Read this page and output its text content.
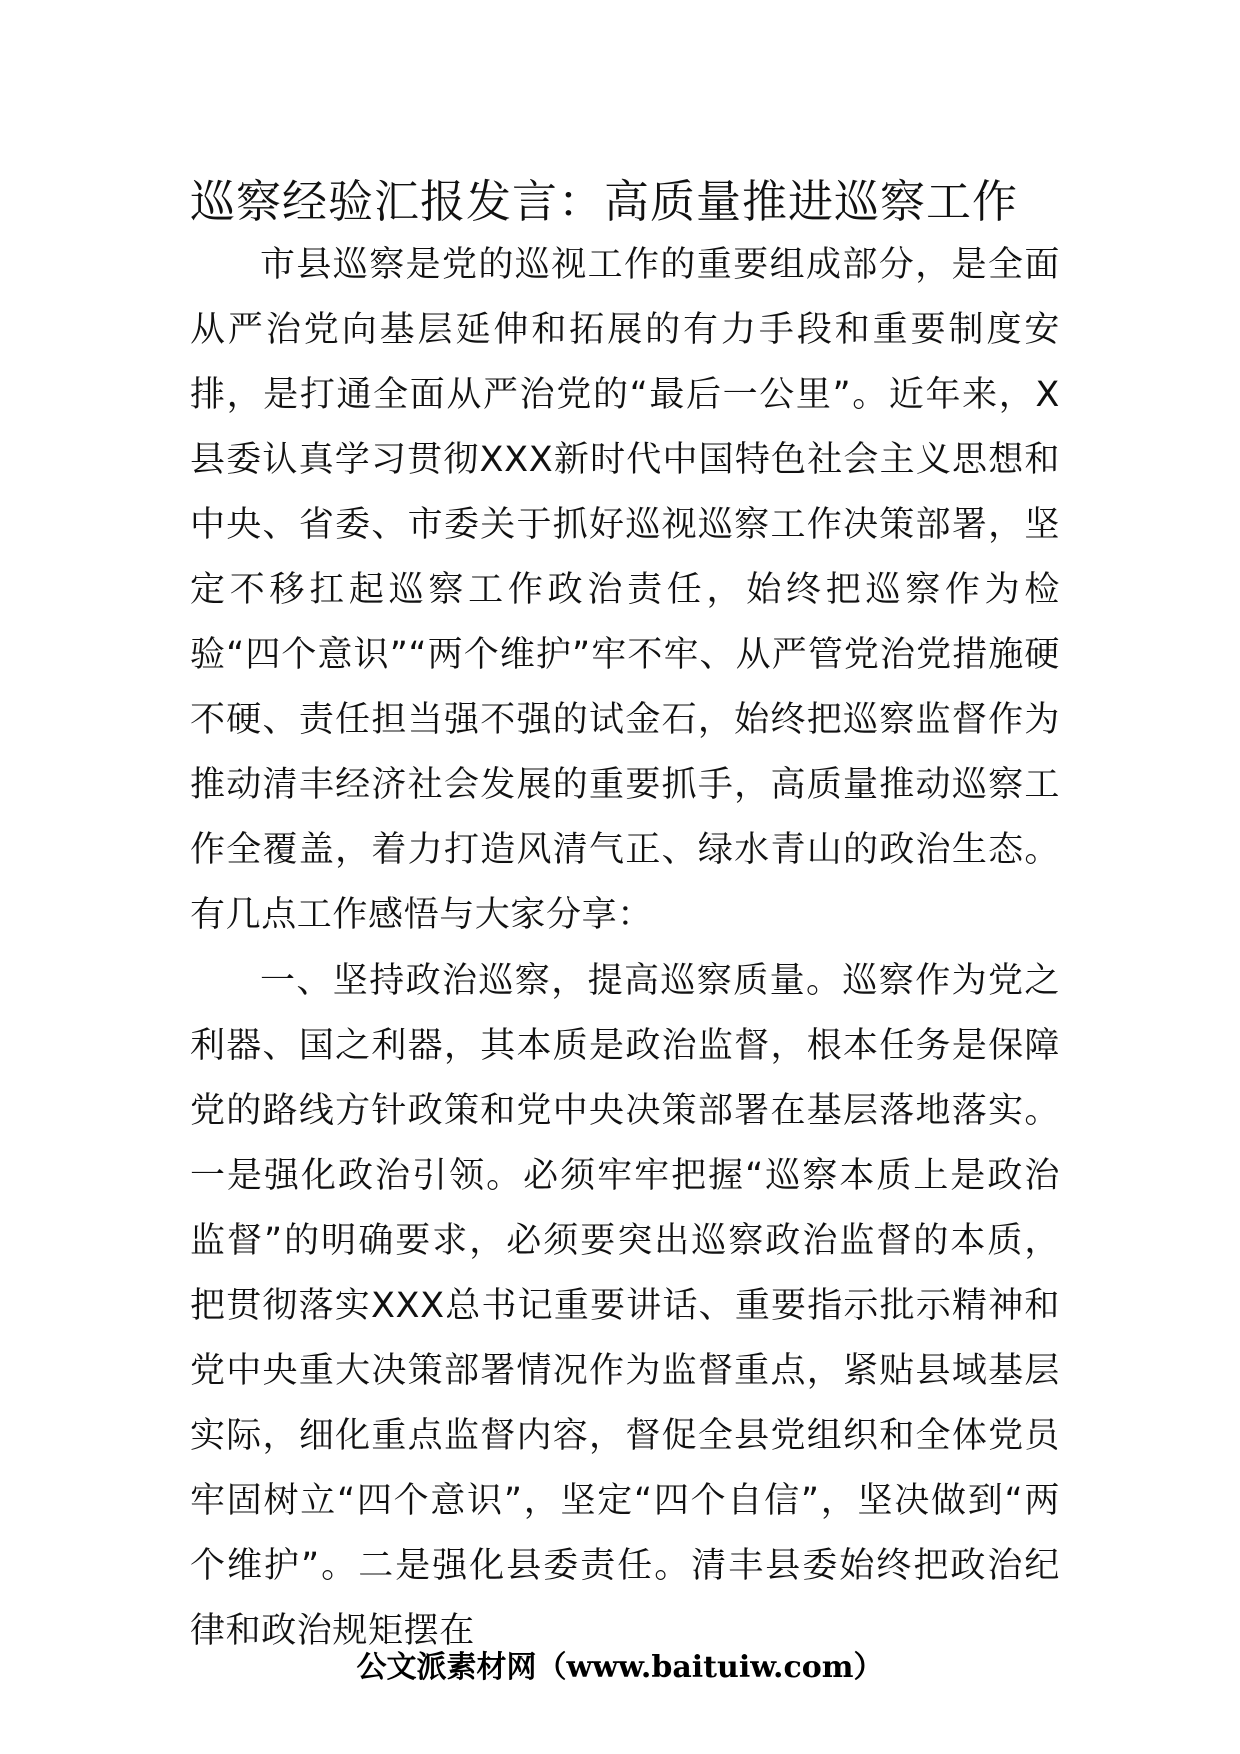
巡察经验汇报发言：高质量推进巡察工作

市县巡察是党的巡视工作的重要组成部分，是全面从严治党向基层延伸和拓展的有力手段和重要制度安排，是打通全面从严治党的“最后一公里”。近年来，X县委认真学习贯彻XXX新时代中国特色社会主义思想和中央、省委、市委关于抓好巡视巡察工作决策部署，坚定不移扛起巡察工作政治责任，始终把巡察作为检验“四个意识”“两个维护”牢不牢、从严管党治党措施硬不硬、责任担当强不强的试金石，始终把巡察监督作为推动清丰经济社会发展的重要抓手，高质量推动巡察工作全覆盖，着力打造风清气正、绿水青山的政治生态。有几点工作感悟与大家分享：

一、坚持政治巡察，提高巡察质量。巡察作为党之利器、国之利器，其本质是政治监督，根本任务是保障党的路线方针政策和党中央决策部署在基层落地落实。一是强化政治引领。必须牢牢把握“巡察本质上是政治监督”的明确要求，必须要突出巡察政治监督的本质，把贯彻落实XXX总书记重要讲话、重要指示批示精神和党中央重大决策部署情况作为监督重点，紧贴县域基层实际，细化重点监督内容，督促全县党组织和全体党员牢固树立“四个意识”，坚定“四个自信”，坚决做到“两个维护”。二是强化县委责任。清丰县委始终把政治纪律和政治规矩摆在

公文派素材网（www.baituiw.com）
